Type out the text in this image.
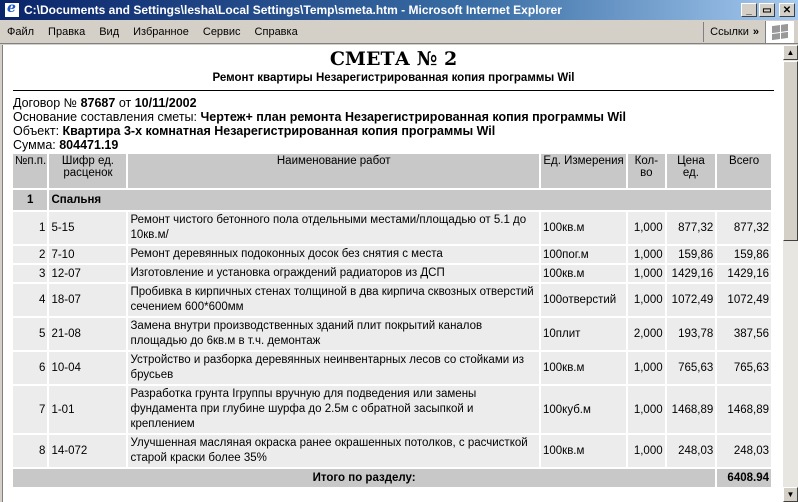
e
C:\Documents and Settings\lesha\Local Settings\Temp\smeta.htm - Microsoft Internet Explorer	_	▭	✕
Файл	Правка	Вид	Избранное	Сервис	Справка	Ссылки »
СМЕТА № 2
Ремонт квартиры Незарегистрированная копия программы Wil
Договор № 87687 от 10/11/2002
Основание составления сметы: Чертеж+ план ремонта Незарегистрированная копия программы Wil
Объект: Квартира 3-х комнатная Незарегистрированная копия программы Wil
Сумма: 804471.19
№п.п.	Шифр ед. расценок	Наименование работ	Ед. Измерения	Кол-во	Цена ед.	Всего
1	Спальня					
1	5-15	Ремонт чистого бетонного пола отдельными местами/площадью от 5.1 до 10кв.м/	100кв.м	1,000	877,32	877,32
2	7-10	Ремонт деревянных подоконных досок без снятия с места	100пог.м	1,000	159,86	159,86
3	12-07	Изготовление и установка ограждений радиаторов из ДСП	100кв.м	1,000	1429,16	1429,16
4	18-07	Пробивка в кирпичных стенах толщиной в два кирпича сквозных отверстий сечением 600*600мм	100отверстий	1,000	1072,49	1072,49
5	21-08	Замена внутри производственных зданий плит покрытий каналов площадью до 6кв.м в т.ч. демонтаж	10плит	2,000	193,78	387,56
6	10-04	Устройство и разборка деревянных неинвентарных лесов со стойками из брусьев	100кв.м	1,000	765,63	765,63
7	1-01	Разработка грунта Iгруппы вручную для подведения или замены фундамента при глубине шурфа до 2.5м с обратной засыпкой и креплением	100куб.м	1,000	1468,89	1468,89
8	14-072	Улучшенная масляная окраска ранее окрашенных потолков, с расчисткой старой краски более 35%	100кв.м	1,000	248,03	248,03
Итого по разделу:						6408.94
▲
▼
